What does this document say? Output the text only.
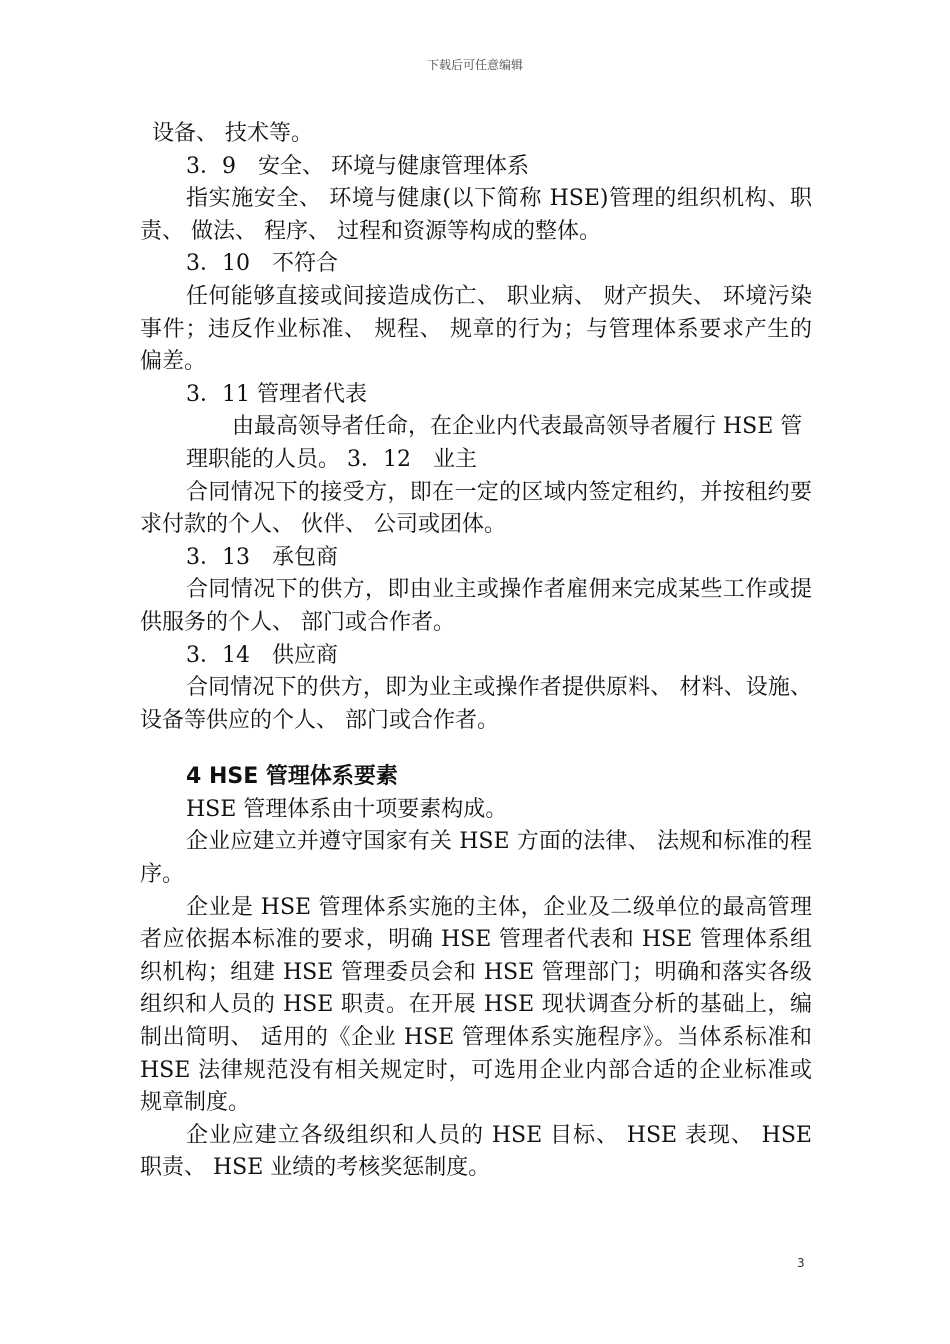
下载后可任意编辑

设备、 技术等。

3．9　安全、 环境与健康管理体系

指实施安全、 环境与健康(以下简称 HSE)管理的组织机构、职责、 做法、 程序、 过程和资源等构成的整体。

3．10　不符合

任何能够直接或间接造成伤亡、 职业病、 财产损失、 环境污染事件；违反作业标准、 规程、 规章的行为；与管理体系要求产生的偏差。

3．11 管理者代表

由最高领导者任命，在企业内代表最高领导者履行 HSE 管

理职能的人员。 3．12　业主

合同情况下的接受方，即在一定的区域内签定租约，并按租约要求付款的个人、 伙伴、 公司或团体。

3．13　承包商

合同情况下的供方，即由业主或操作者雇佣来完成某些工作或提供服务的个人、 部门或合作者。

3．14　供应商

合同情况下的供方，即为业主或操作者提供原料、 材料、设施、 设备等供应的个人、 部门或合作者。

4 HSE 管理体系要素

HSE 管理体系由十项要素构成。

企业应建立并遵守国家有关 HSE 方面的法律、 法规和标准的程序。

企业是 HSE 管理体系实施的主体，企业及二级单位的最高管理者应依据本标准的要求，明确 HSE 管理者代表和 HSE 管理体系组织机构；组建 HSE 管理委员会和 HSE 管理部门；明确和落实各级组织和人员的 HSE 职责。在开展 HSE 现状调查分析的基础上，编制出简明、 适用的《企业 HSE 管理体系实施程序》。当体系标准和 HSE 法律规范没有相关规定时，可选用企业内部合适的企业标准或规章制度。

企业应建立各级组织和人员的 HSE 目标、 HSE 表现、 HSE 职责、 HSE 业绩的考核奖惩制度。

3
